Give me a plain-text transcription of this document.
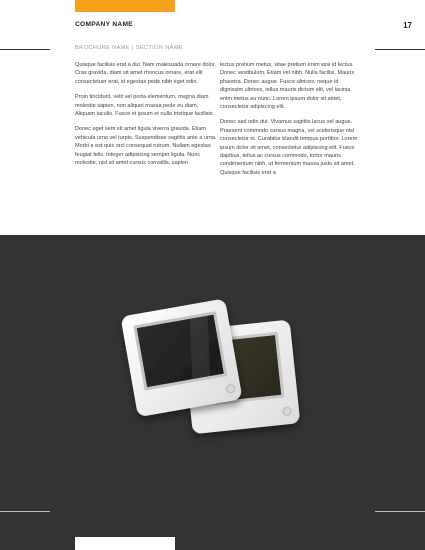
COMPANY NAME	17
BROCHURE NAME | SECTION NAME

Quisque facilisis erat a dui. Nam malesuada ornare dolor. Cras gravida, diam sit amet rhoncus ornare, erat elit consectetuer erat, id egestas pede nibh eget odio.

Proin tincidunt, velit vel porta elementum, magna diam molestie sapien, non aliquet massa pede eu diam. Aliquam iaculis. Fusce et ipsum et nulla tristique facilisis.

Donec eget sem sit amet ligula viverra gravida. Etiam vehicula urna vel turpis. Suspendisse sagittis ante a urna. Morbi a est quis orci consequat rutrum. Nullam egestas feugiat felis. Integer adipiscing semper ligula. Nunc molestie, nisl sit amet cursus convallis, sapien

lectus pretium metus, vitae pretium enim wisi id lectus. Donec vestibulum. Etiam vel nibh. Nulla facilisi. Mauris pharetra. Donec augue. Fusce ultrices, neque id dignissim ultrices, tellus mauris dictum elit, vel lacinia enim metus eu nunc. Lorem ipsum dolor sit amet, consectetur adipiscing elit.

Donec sed odio dui. Vivamus sagittis lacus vel augue. Praesent commodo cursus magna, vel scelerisque nisl consectetur et. Curabitur blandit tempus porttitor. Lorem ipsum dolor sit amet, consectetur adipiscing elit. Fusce dapibus, tellus ac cursus commodo, tortor mauris condimentum nibh, ut fermentum massa justo sit amet. Quisque facilisis erat a
